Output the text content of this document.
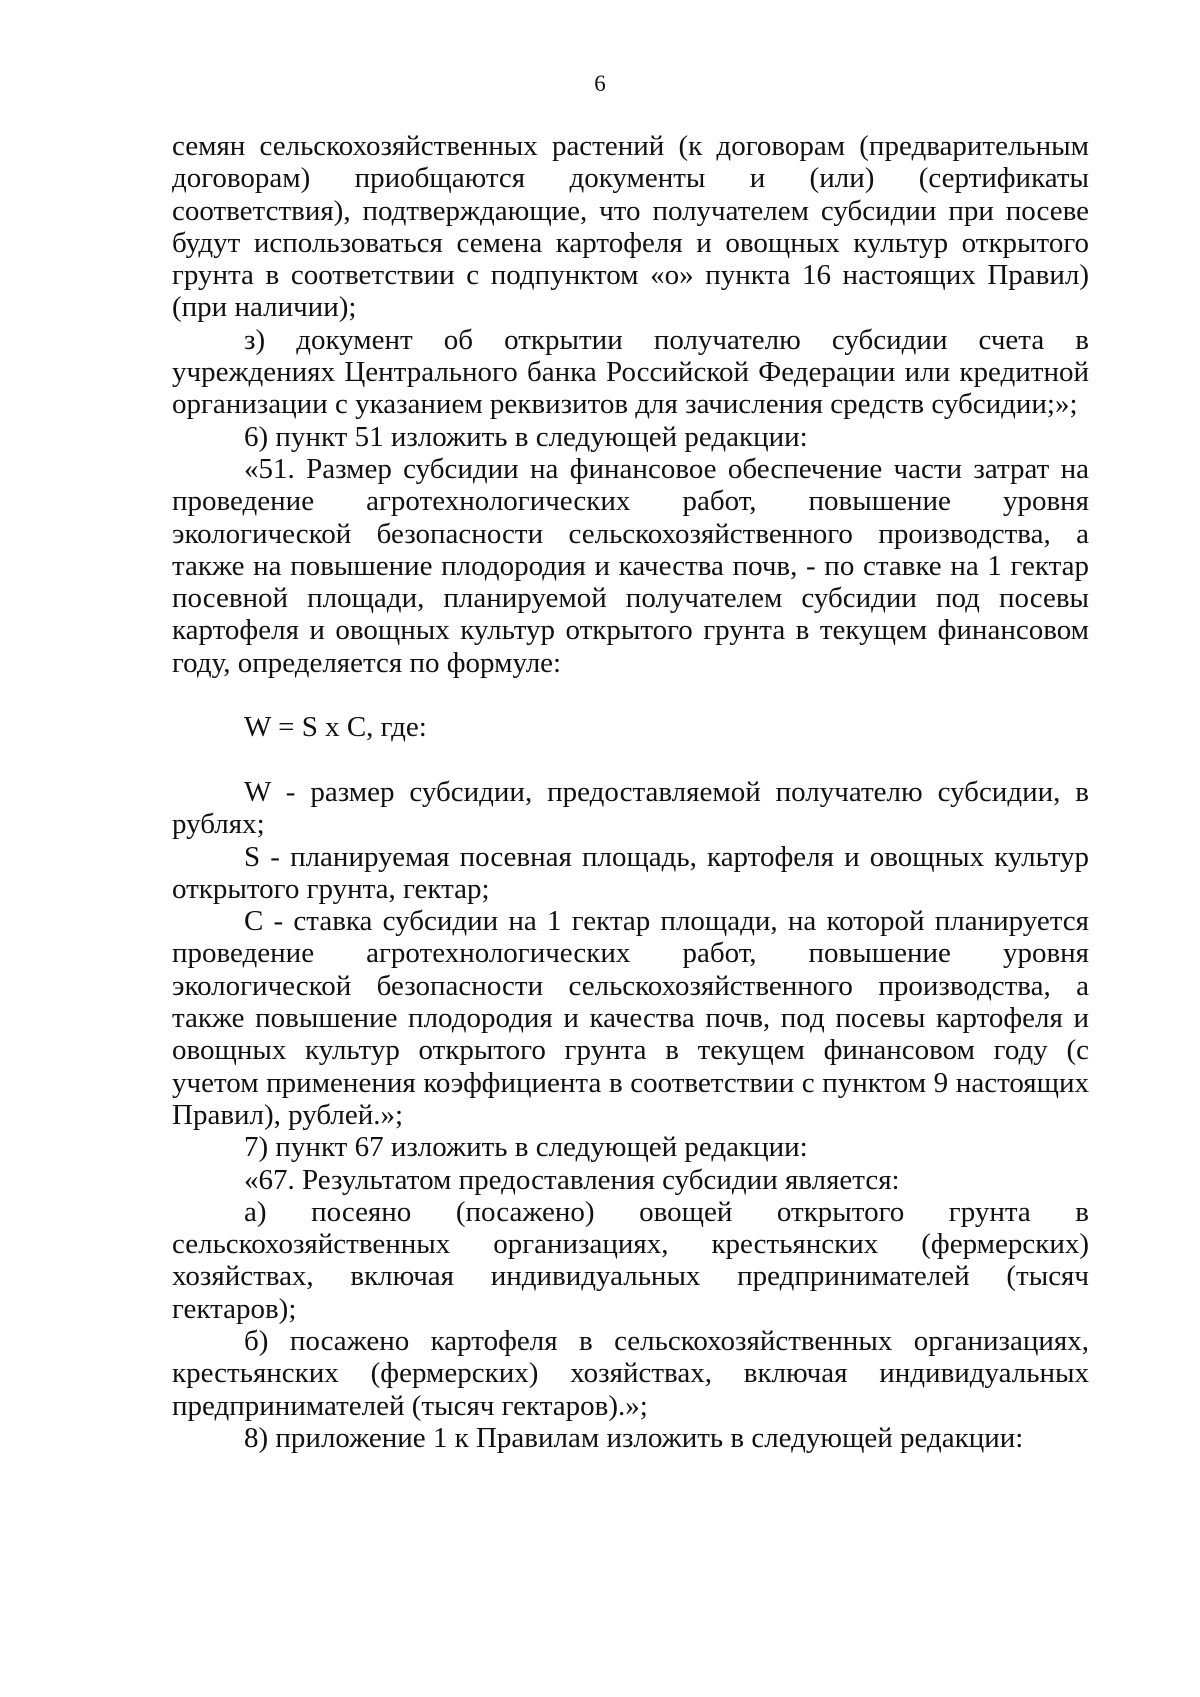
6

семян сельскохозяйственных растений (к договорам (предварительным договорам) приобщаются документы и (или) (сертификаты соответствия), подтверждающие, что получателем субсидии при посеве будут использоваться семена картофеля и овощных культур открытого грунта в соответствии с подпунктом «о» пункта 16 настоящих Правил) (при наличии);

з) документ об открытии получателю субсидии счета в учреждениях Центрального банка Российской Федерации или кредитной организации с указанием реквизитов для зачисления средств субсидии;»;

6) пункт 51 изложить в следующей редакции:

«51. Размер субсидии на финансовое обеспечение части затрат на проведение агротехнологических работ, повышение уровня экологической безопасности сельскохозяйственного производства, а также на повышение плодородия и качества почв, - по ставке на 1 гектар посевной площади, планируемой получателем субсидии под посевы картофеля и овощных культур открытого грунта в текущем финансовом году, определяется по формуле:

W = S x C, где:

W - размер субсидии, предоставляемой получателю субсидии, в рублях;

S - планируемая посевная площадь, картофеля и овощных культур открытого грунта, гектар;

C - ставка субсидии на 1 гектар площади, на которой планируется проведение агротехнологических работ, повышение уровня экологической безопасности сельскохозяйственного производства, а также повышение плодородия и качества почв, под посевы картофеля и овощных культур открытого грунта в текущем финансовом году (с учетом применения коэффициента в соответствии с пунктом 9 настоящих Правил), рублей.»;

7) пункт 67 изложить в следующей редакции:

«67. Результатом предоставления субсидии является:

а) посеяно (посажено) овощей открытого грунта в сельскохозяйственных организациях, крестьянских (фермерских) хозяйствах, включая индивидуальных предпринимателей (тысяч гектаров);

б) посажено картофеля в сельскохозяйственных организациях, крестьянских (фермерских) хозяйствах, включая индивидуальных предпринимателей (тысяч гектаров).»;

8) приложение 1 к Правилам изложить в следующей редакции:
